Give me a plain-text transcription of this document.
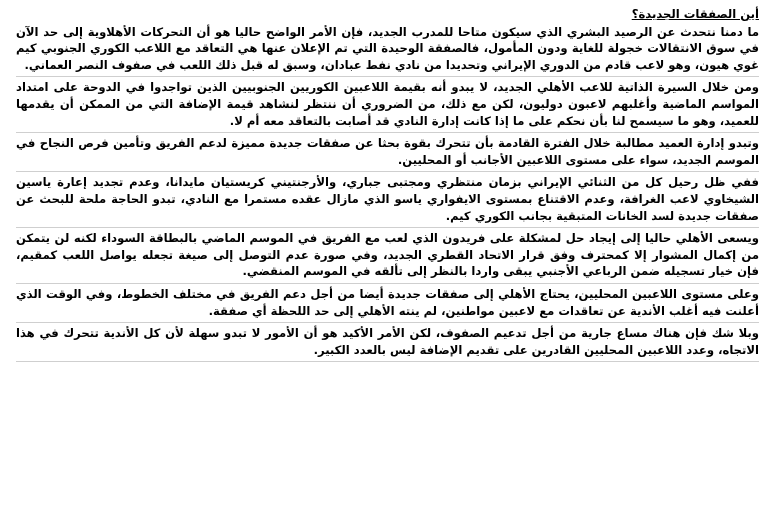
أين الصفقات الجديدة؟

ما دمنا نتحدث عن الرصيد البشري الذي سيكون متاحا للمدرب الجديد، فإن الأمر الواضح حاليا هو أن التحركات الأهلاوية إلى حد الآن في سوق الانتقالات خجولة للغاية ودون المأمول، فالصفقة الوحيدة التي تم الإعلان عنها هي التعاقد مع اللاعب الكوري الجنوبي كيم غوي هيون، وهو لاعب قادم من الدوري الإيراني وتحديدا من نادي نفط عبادان، وسبق له قبل ذلك اللعب في صفوف النصر العماني.

ومن خلال السيرة الذاتية للاعب الأهلي الجديد، لا يبدو أنه بقيمة اللاعبين الكوريين الجنوبيين الذين تواجدوا في الدوحة على امتداد المواسم الماضية وأغلبهم لاعبون دوليون، لكن مع ذلك، من الضروري أن ننتظر لنشاهد قيمة الإضافة التي من الممكن أن يقدمها للعميد، وهو ما سيسمح لنا بأن نحكم على ما إذا كانت إدارة النادي قد أصابت بالتعاقد معه أم لا.

وتبدو إدارة العميد مطالبة خلال الفترة القادمة بأن تتحرك بقوة بحثا عن صفقات جديدة مميزة لدعم الفريق وتأمين فرص النجاح في الموسم الجديد، سواء على مستوى اللاعبين الأجانب أو المحليين.

ففي ظل رحيل كل من الثنائي الإيراني بزمان منتظري ومجتبى جباري، والأرجنتيني كريستيان مايدانا، وعدم تجديد إعارة ياسين الشيخاوي لاعب الغرافة، وعدم الاقتناع بمستوى الايفواري ياسو الذي مازال عقده مستمرا مع النادي، تبدو الحاجة ملحة للبحث عن صفقات جديدة لسد الخانات المتبقية بجانب الكوري كيم.

ويسعى الأهلي حاليا إلى إيجاد حل لمشكلة على فريدون الذي لعب مع الفريق في الموسم الماضي بالبطاقة السوداء لكنه لن يتمكن من إكمال المشوار إلا كمحترف وفق قرار الاتحاد القطري الجديد، وفي صورة عدم التوصل إلى صيغة تجعله يواصل اللعب كمقيم، فإن خيار تسجيله ضمن الرباعي الأجنبي يبقى واردا بالنظر إلى تألقه في الموسم المنقضي.

وعلى مستوى اللاعبين المحليين، يحتاج الأهلي إلى صفقات جديدة أيضا من أجل دعم الفريق في مختلف الخطوط، وفي الوقت الذي أعلنت فيه أغلب الأندية عن تعاقدات مع لاعبين مواطنين، لم ينته الأهلي إلى حد اللحظة أي صفقة.

وبلا شك فإن هناك مساع جارية من أجل تدعيم الصفوف، لكن الأمر الأكيد هو أن الأمور لا تبدو سهلة لأن كل الأندية تتحرك في هذا الاتجاه، وعدد اللاعبين المحليين القادرين على تقديم الإضافة ليس بالعدد الكبير.
